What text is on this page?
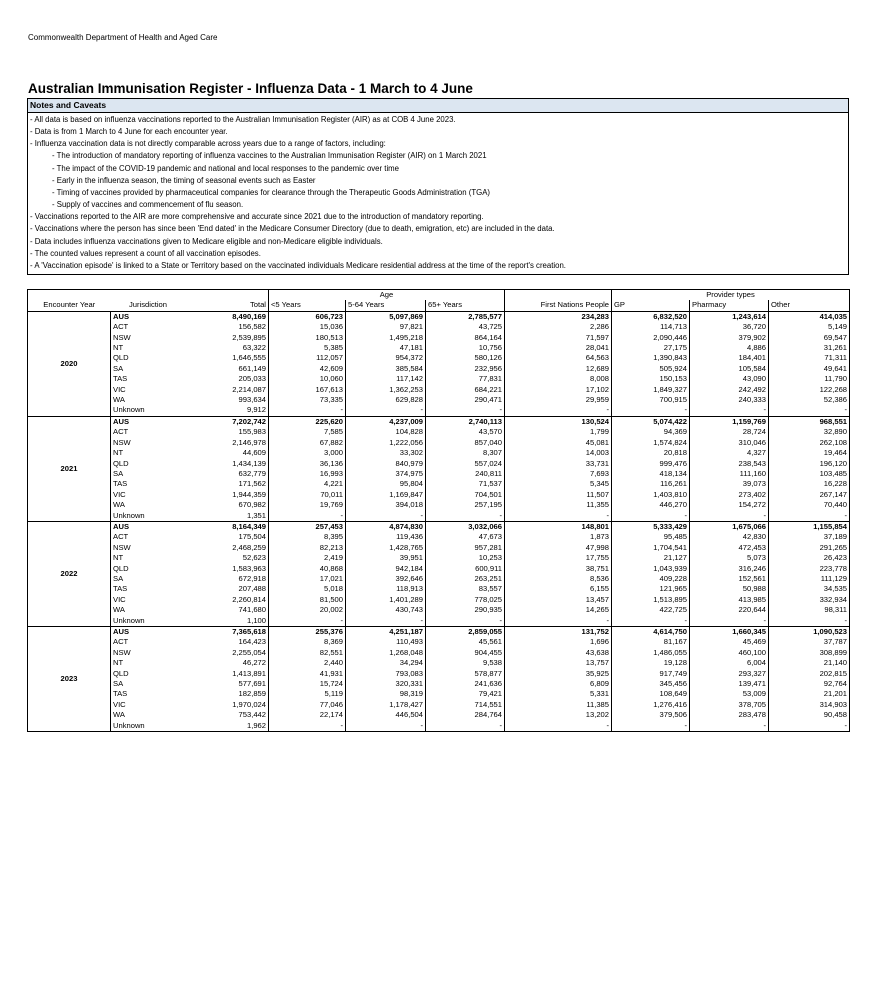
Commonwealth Department of Health and Aged Care
Australian Immunisation Register - Influenza Data - 1 March to 4 June
Notes and Caveats
- All data is based on influenza vaccinations reported to the Australian Immunisation Register (AIR) as at COB 4 June 2023.
- Data is from 1 March to 4 June for each encounter year.
- Influenza vaccination data is not directly comparable across years due to a range of factors, including:
- The introduction of mandatory reporting of influenza vaccines to the Australian Immunisation Register (AIR) on 1 March 2021
- The impact of the COVID-19 pandemic and national and local responses to the pandemic over time
- Early in the influenza season, the timing of seasonal events such as Easter
- Timing of vaccines provided by pharmaceutical companies for clearance through the Therapeutic Goods Administration (TGA)
- Supply of vaccines and commencement of flu season.
- Vaccinations reported to the AIR are more comprehensive and accurate since 2021 due to the introduction of mandatory reporting.
- Vaccinations where the person has since been 'End dated' in the Medicare Consumer Directory (due to death, emigration, etc) are included in the data.
- Data includes influenza vaccinations given to Medicare eligible and non-Medicare eligible individuals.
- The counted values represent a count of all vaccination episodes.
- A 'Vaccination episode' is linked to a State or Territory based on the vaccinated individuals Medicare residential address at the time of the report's creation.
			Age				Provider types		
Encounter Year	Jurisdiction	Total	<5 Years	5-64 Years	65+ Years	First Nations People	GP	Pharmacy	Other
2020	AUS	8,490,169	606,723	5,097,869	2,785,577	234,283	6,832,520	1,243,614	414,035
	ACT	156,582	15,036	97,821	43,725	2,286	114,713	36,720	5,149
	NSW	2,539,895	180,513	1,495,218	864,164	71,597	2,090,446	379,902	69,547
	NT	63,322	5,385	47,181	10,756	28,041	27,175	4,886	31,261
	QLD	1,646,555	112,057	954,372	580,126	64,563	1,390,843	184,401	71,311
	SA	661,149	42,609	385,584	232,956	12,689	505,924	105,584	49,641
	TAS	205,033	10,060	117,142	77,831	8,008	150,153	43,090	11,790
	VIC	2,214,087	167,613	1,362,253	684,221	17,102	1,849,327	242,492	122,268
	WA	993,634	73,335	629,828	290,471	29,959	700,915	240,333	52,386
	Unknown	9,912	-	-	-	-	-	-	-
2021	AUS	7,202,742	225,620	4,237,009	2,740,113	130,524	5,074,422	1,159,769	968,551
	ACT	155,983	7,585	104,828	43,570	1,799	94,369	28,724	32,890
	NSW	2,146,978	67,882	1,222,056	857,040	45,081	1,574,824	310,046	262,108
	NT	44,609	3,000	33,302	8,307	14,003	20,818	4,327	19,464
	QLD	1,434,139	36,136	840,979	557,024	33,731	999,476	238,543	196,120
	SA	632,779	16,993	374,975	240,811	7,693	418,134	111,160	103,485
	TAS	171,562	4,221	95,804	71,537	5,345	116,261	39,073	16,228
	VIC	1,944,359	70,011	1,169,847	704,501	11,507	1,403,810	273,402	267,147
	WA	670,982	19,769	394,018	257,195	11,355	446,270	154,272	70,440
	Unknown	1,351	-	-	-	-	-	-	-
2022	AUS	8,164,349	257,453	4,874,830	3,032,066	148,801	5,333,429	1,675,066	1,155,854
	ACT	175,504	8,395	119,436	47,673	1,873	95,485	42,830	37,189
	NSW	2,468,259	82,213	1,428,765	957,281	47,998	1,704,541	472,453	291,265
	NT	52,623	2,419	39,951	10,253	17,755	21,127	5,073	26,423
	QLD	1,583,963	40,868	942,184	600,911	38,751	1,043,939	316,246	223,778
	SA	672,918	17,021	392,646	263,251	8,536	409,228	152,561	111,129
	TAS	207,488	5,018	118,913	83,557	6,155	121,965	50,988	34,535
	VIC	2,260,814	81,500	1,401,289	778,025	13,457	1,513,895	413,985	332,934
	WA	741,680	20,002	430,743	290,935	14,265	422,725	220,644	98,311
	Unknown	1,100	-	-	-	-	-	-	-
2023	AUS	7,365,618	255,376	4,251,187	2,859,055	131,752	4,614,750	1,660,345	1,090,523
	ACT	164,423	8,369	110,493	45,561	1,696	81,167	45,469	37,787
	NSW	2,255,054	82,551	1,268,048	904,455	43,638	1,486,055	460,100	308,899
	NT	46,272	2,440	34,294	9,538	13,757	19,128	6,004	21,140
	QLD	1,413,891	41,931	793,083	578,877	35,925	917,749	293,327	202,815
	SA	577,691	15,724	320,331	241,636	6,809	345,456	139,471	92,764
	TAS	182,859	5,119	98,319	79,421	5,331	108,649	53,009	21,201
	VIC	1,970,024	77,046	1,178,427	714,551	11,385	1,276,416	378,705	314,903
	WA	753,442	22,174	446,504	284,764	13,202	379,506	283,478	90,458
	Unknown	1,962	-	-	-	-	-	-	-
